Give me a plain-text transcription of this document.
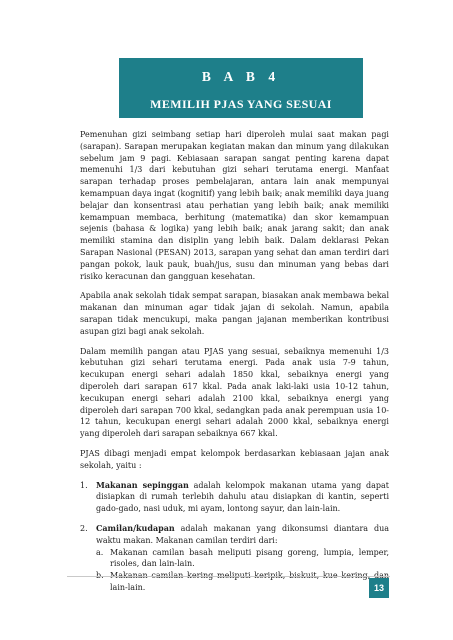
B A B 4
MEMILIH PJAS YANG SESUAI

Pemenuhan gizi seimbang setiap hari diperoleh mulai saat makan pagi (sarapan). Sarapan merupakan kegiatan makan dan minum yang dilakukan sebelum jam 9 pagi. Kebiasaan sarapan sangat penting karena dapat memenuhi 1/3 dari kebutuhan gizi sehari terutama energi. Manfaat sarapan terhadap proses pembelajaran, antara lain anak mempunyai kemampuan daya ingat (kognitif) yang lebih baik; anak memiliki daya juang belajar dan konsentrasi atau perhatian yang lebih baik; anak memiliki kemampuan membaca, berhitung (matematika) dan skor kemampuan sejenis (bahasa & logika) yang lebih baik; anak jarang sakit; dan anak memiliki stamina dan disiplin yang lebih baik. Dalam deklarasi Pekan Sarapan Nasional (PESAN) 2013, sarapan yang sehat dan aman terdiri dari pangan pokok, lauk pauk, buah/jus, susu dan minuman yang bebas dari risiko keracunan dan gangguan kesehatan.

Apabila anak sekolah tidak sempat sarapan, biasakan anak membawa bekal makanan dan minuman agar tidak jajan di sekolah. Namun, apabila sarapan tidak mencukupi, maka pangan jajanan memberikan kontribusi asupan gizi bagi anak sekolah.

Dalam memilih pangan atau PJAS yang sesuai, sebaiknya memenuhi 1/3 kebutuhan gizi sehari terutama energi. Pada anak usia 7-9 tahun, kecukupan energi sehari adalah 1850 kkal, sebaiknya energi yang diperoleh dari sarapan 617 kkal. Pada anak laki-laki usia 10-12 tahun, kecukupan energi sehari adalah 2100 kkal, sebaiknya energi yang diperoleh dari sarapan 700 kkal, sedangkan pada anak perempuan usia 10-12 tahun, kecukupan energi sehari adalah 2000 kkal, sebaiknya energi yang diperoleh dari sarapan sebaiknya 667 kkal.

PJAS dibagi menjadi empat kelompok berdasarkan kebiasaan jajan anak sekolah, yaitu :

1. Makanan sepinggan adalah kelompok makanan utama yang dapat disiapkan di rumah terlebih dahulu atau disiapkan di kantin, seperti gado-gado, nasi uduk, mi ayam, lontong sayur, dan lain-lain.
2. Camilan/kudapan adalah makanan yang dikonsumsi diantara dua waktu makan. Makanan camilan terdiri dari:
a. Makanan camilan basah meliputi pisang goreng, lumpia, lemper, risoles, dan lain-lain.
lain-lain.	13
